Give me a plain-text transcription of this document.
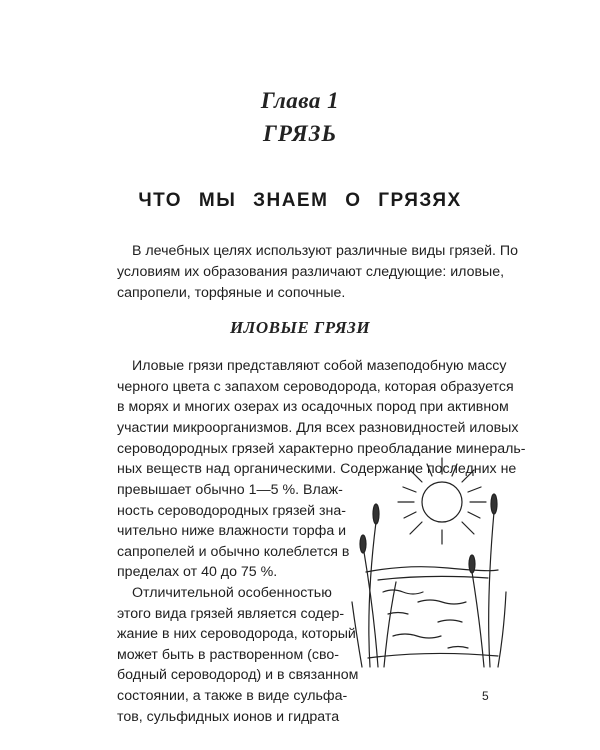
Глава 1
ГРЯЗЬ
ЧТО МЫ ЗНАЕМ О ГРЯЗЯХ
В лечебных целях используют различные виды грязей. По
условиям их образования различают следующие: иловые,
сапропели, торфяные и сопочные.
ИЛОВЫЕ ГРЯЗИ
Иловые грязи представляют собой мазеподобную массу
черного цвета с запахом сероводорода, которая образуется
в морях и многих озерах из осадочных пород при активном
участии микроорганизмов. Для всех разновидностей иловых
сероводородных грязей характерно преобладание минераль-
ных веществ над органическими. Содержание последних не
превышает обычно 1—5 %. Влаж-
ность сероводородных грязей зна-
чительно ниже влажности торфа и
сапропелей и обычно колеблется в
пределах от 40 до 75 %.
Отличительной особенностью
этого вида грязей является содер-
жание в них сероводорода, который
может быть в растворенном (сво-
бодный сероводород) и в связанном
состоянии, а также в виде сульфа-
тов, сульфидных ионов и гидрата
5
